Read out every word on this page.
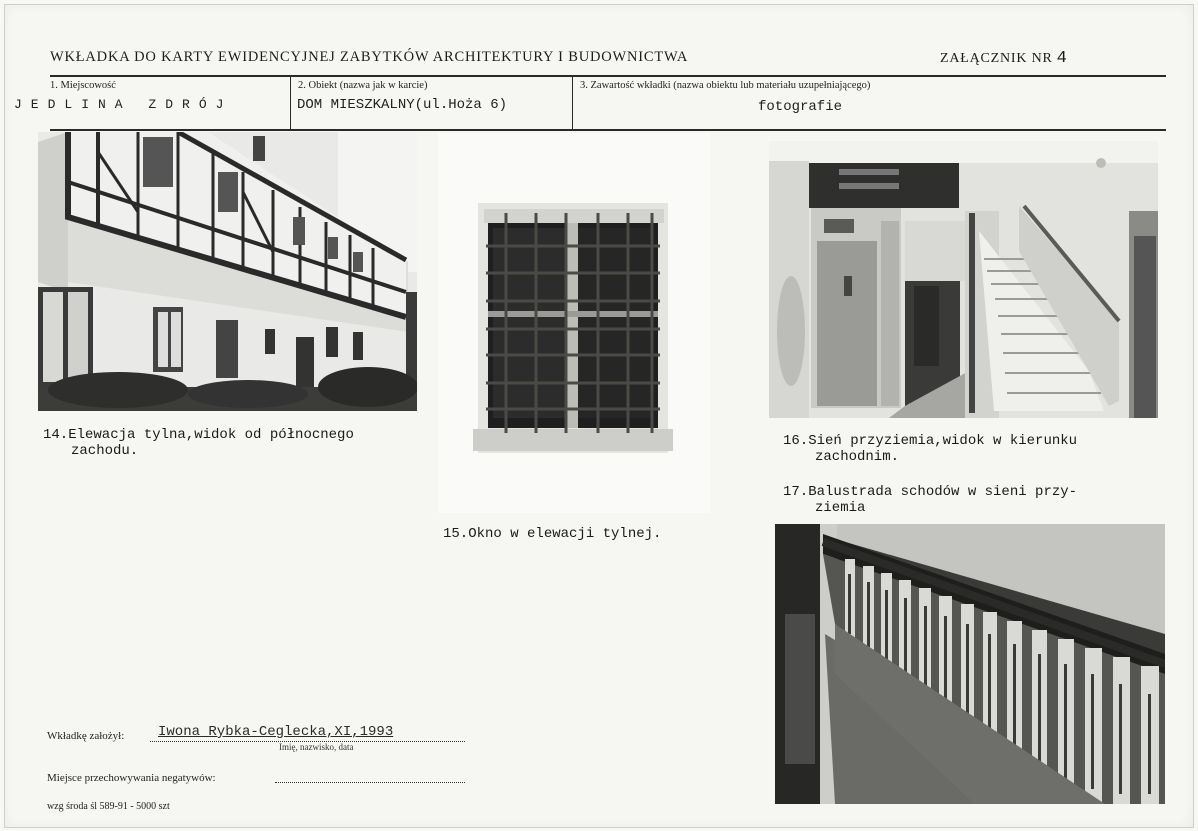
WKŁADKA DO KARTY EWIDENCYJNEJ ZABYTKÓW ARCHITEKTURY I BUDOWNICTWA	ZAŁĄCZNIK NR 4
1. Miejscowość
JEDLINA ZDRÓJ
2. Obiekt (nazwa jak w karcie)
DOM MIESZKALNY(ul.Hoża 6)
3. Zawartość wkładki (nazwa obiektu lub materiału uzupełniającego)
fotografie
14.Elewacja tylna,widok od północnego
zachodu.
15.Okno w elewacji tylnej.
16.Sień przyziemia,widok w kierunku
zachodnim.
17.Balustrada schodów w sieni przy-
ziemia
Wkładkę założył: Iwona Rybka-Ceglecka,XI,1993
Imię, nazwisko, data
Miejsce przechowywania negatywów:
wzg środa śl 589-91 - 5000 szt
